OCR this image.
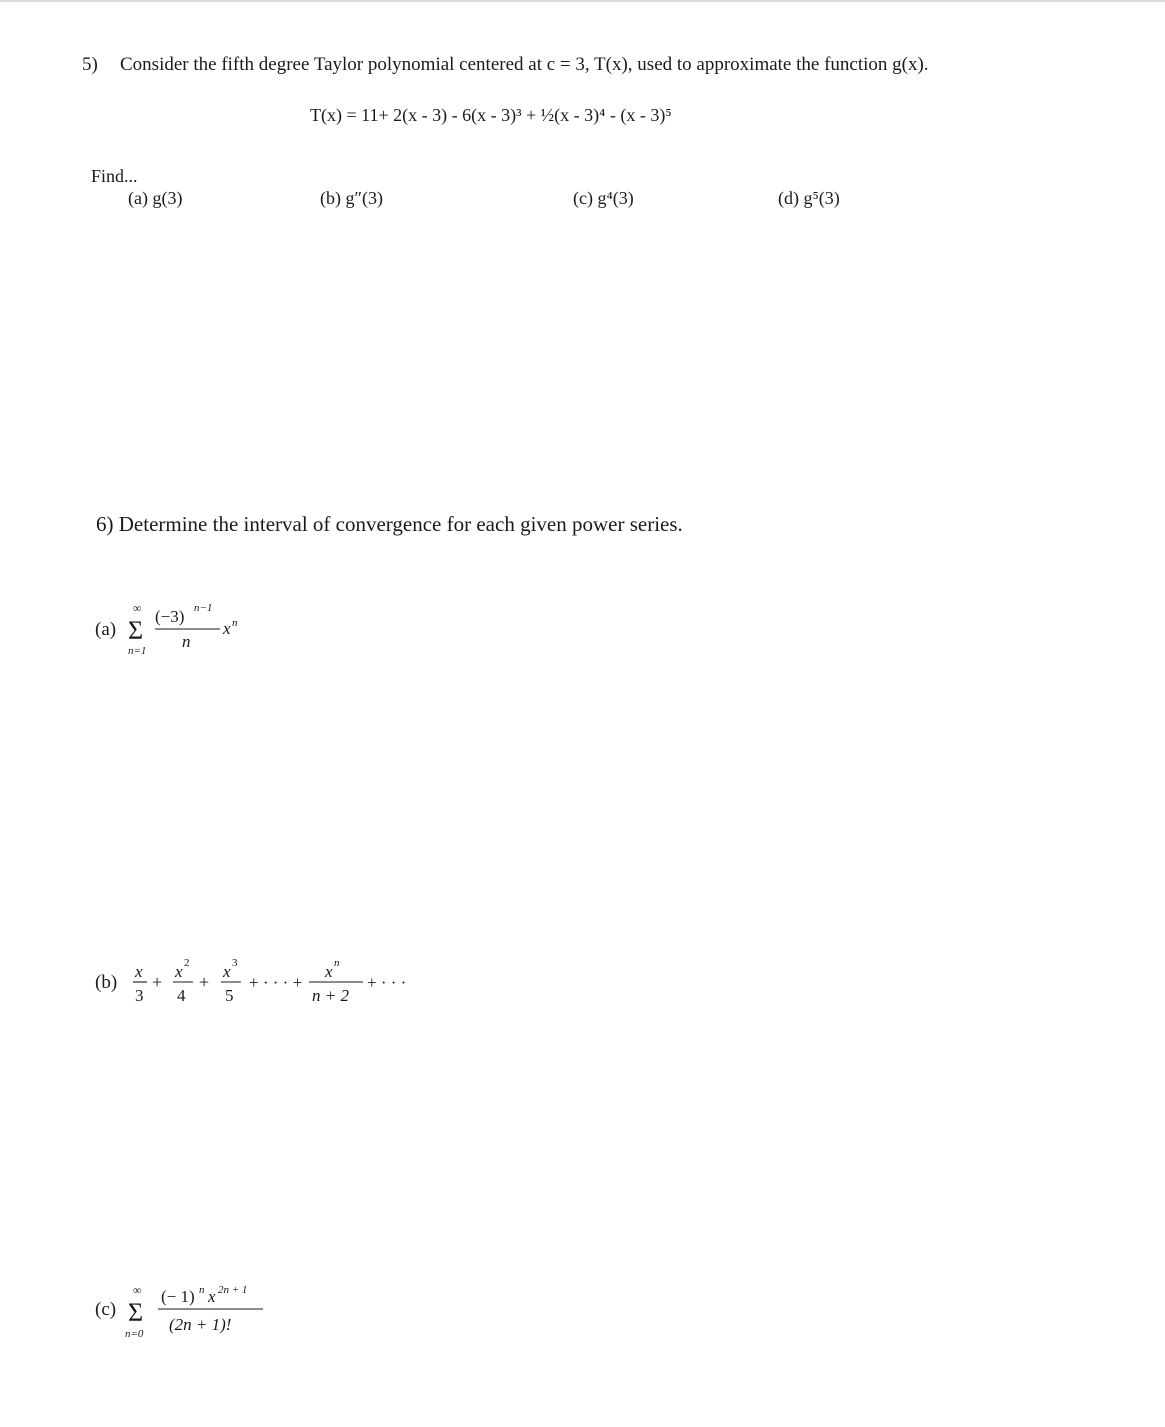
5) Consider the fifth degree Taylor polynomial centered at c = 3, T(x), used to approximate the function g(x).
T(x) = 11+ 2(x - 3) - 6(x - 3)³ + ½(x - 3)⁴ - (x - 3)⁵
Find...
(a) g(3)	(b) g″(3)	(c) g⁴(3)	(d) g⁵(3)
6) Determine the interval of convergence for each given power series.
(a)
∞
Σ
n=1
(−3) n−1
n
x n
(b)
x
3
+
x 2
4
+
x 3
5
+ · · · +
x n
n + 2
+ · · ·
(c)
∞
Σ
n=0
(− 1) n x 2n + 1
(2n + 1)!
